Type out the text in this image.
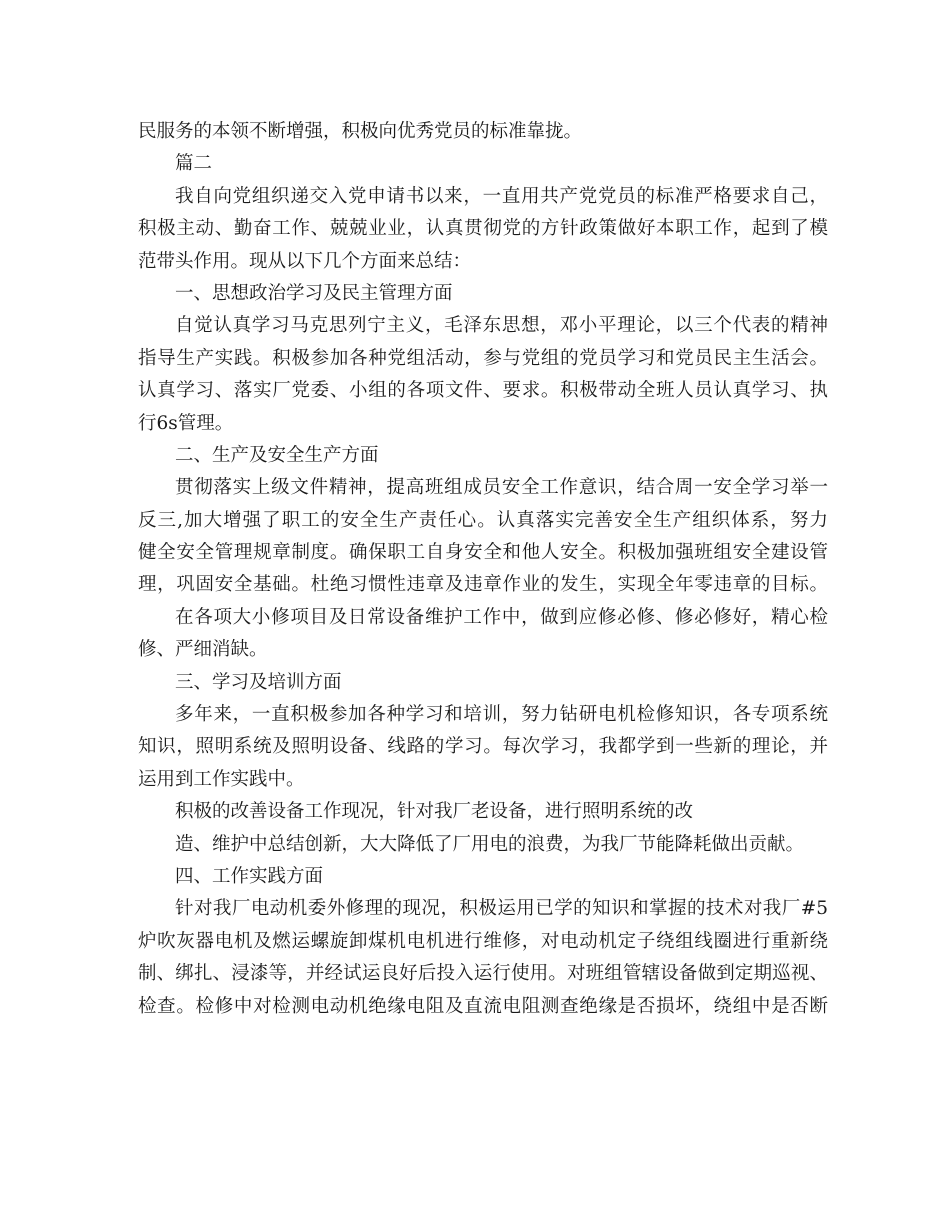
民服务的本领不断增强，积极向优秀党员的标准靠拢。

篇二

我自向党组织递交入党申请书以来，一直用共产党党员的标准严格要求自己，

积极主动、勤奋工作、兢兢业业，认真贯彻党的方针政策做好本职工作，起到了模

范带头作用。现从以下几个方面来总结：

一、思想政治学习及民主管理方面

自觉认真学习马克思列宁主义，毛泽东思想，邓小平理论，以三个代表的精神

指导生产实践。积极参加各种党组活动，参与党组的党员学习和党员民主生活会。

认真学习、落实厂党委、小组的各项文件、要求。积极带动全班人员认真学习、执

行6s管理。

二、生产及安全生产方面

贯彻落实上级文件精神，提高班组成员安全工作意识，结合周一安全学习举一

反三,加大增强了职工的安全生产责任心。认真落实完善安全生产组织体系，努力

健全安全管理规章制度。确保职工自身安全和他人安全。积极加强班组安全建设管

理，巩固安全基础。杜绝习惯性违章及违章作业的发生，实现全年零违章的目标。

在各项大小修项目及日常设备维护工作中，做到应修必修、修必修好，精心检

修、严细消缺。

三、学习及培训方面

多年来，一直积极参加各种学习和培训，努力钻研电机检修知识，各专项系统

知识，照明系统及照明设备、线路的学习。每次学习，我都学到一些新的理论，并

运用到工作实践中。

积极的改善设备工作现况，针对我厂老设备，进行照明系统的改

造、维护中总结创新，大大降低了厂用电的浪费，为我厂节能降耗做出贡献。

四、工作实践方面

针对我厂电动机委外修理的现况，积极运用已学的知识和掌握的技术对我厂#5

炉吹灰器电机及燃运螺旋卸煤机电机进行维修，对电动机定子绕组线圈进行重新绕

制、绑扎、浸漆等，并经试运良好后投入运行使用。对班组管辖设备做到定期巡视、

检查。检修中对检测电动机绝缘电阻及直流电阻测查绝缘是否损坏，绕组中是否断
